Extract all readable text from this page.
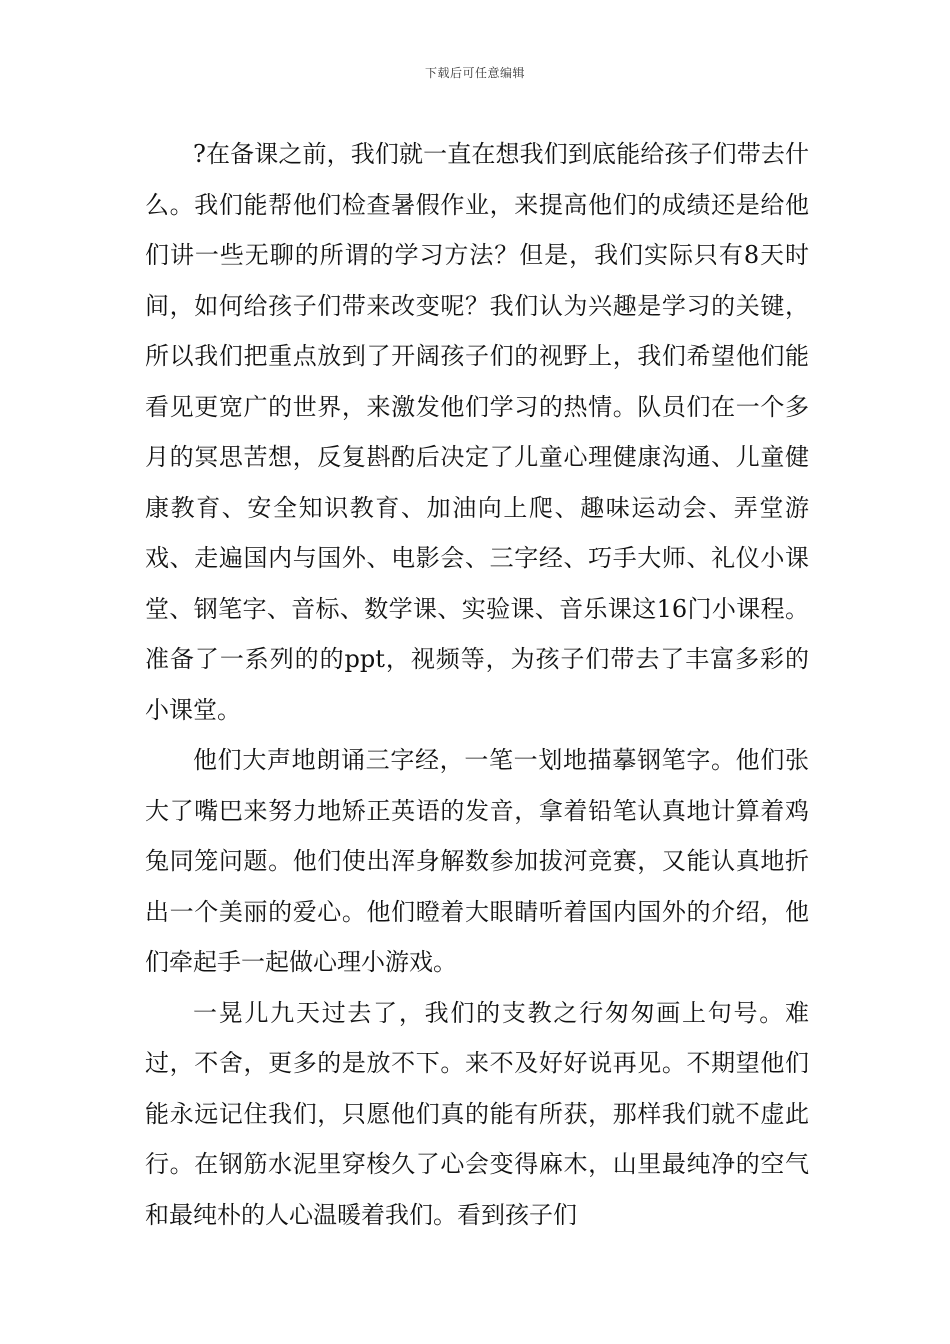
下载后可任意编辑

?在备课之前，我们就一直在想我们到底能给孩子们带去什么。我们能帮他们检查暑假作业，来提高他们的成绩还是给他们讲一些无聊的所谓的学习方法？但是，我们实际只有8天时间，如何给孩子们带来改变呢？我们认为兴趣是学习的关键，所以我们把重点放到了开阔孩子们的视野上，我们希望他们能看见更宽广的世界，来激发他们学习的热情。队员们在一个多月的冥思苦想，反复斟酌后决定了儿童心理健康沟通、儿童健康教育、安全知识教育、加油向上爬、趣味运动会、弄堂游戏、走遍国内与国外、电影会、三字经、巧手大师、礼仪小课堂、钢笔字、音标、数学课、实验课、音乐课这16门小课程。准备了一系列的的ppt，视频等，为孩子们带去了丰富多彩的小课堂。

他们大声地朗诵三字经，一笔一划地描摹钢笔字。他们张大了嘴巴来努力地矫正英语的发音，拿着铅笔认真地计算着鸡兔同笼问题。他们使出浑身解数参加拔河竞赛，又能认真地折出一个美丽的爱心。他们瞪着大眼睛听着国内国外的介绍，他们牵起手一起做心理小游戏。

一晃儿九天过去了，我们的支教之行匆匆画上句号。难过，不舍，更多的是放不下。来不及好好说再见。不期望他们能永远记住我们，只愿他们真的能有所获，那样我们就不虚此行。在钢筋水泥里穿梭久了心会变得麻木，山里最纯净的空气和最纯朴的人心温暖着我们。看到孩子们
